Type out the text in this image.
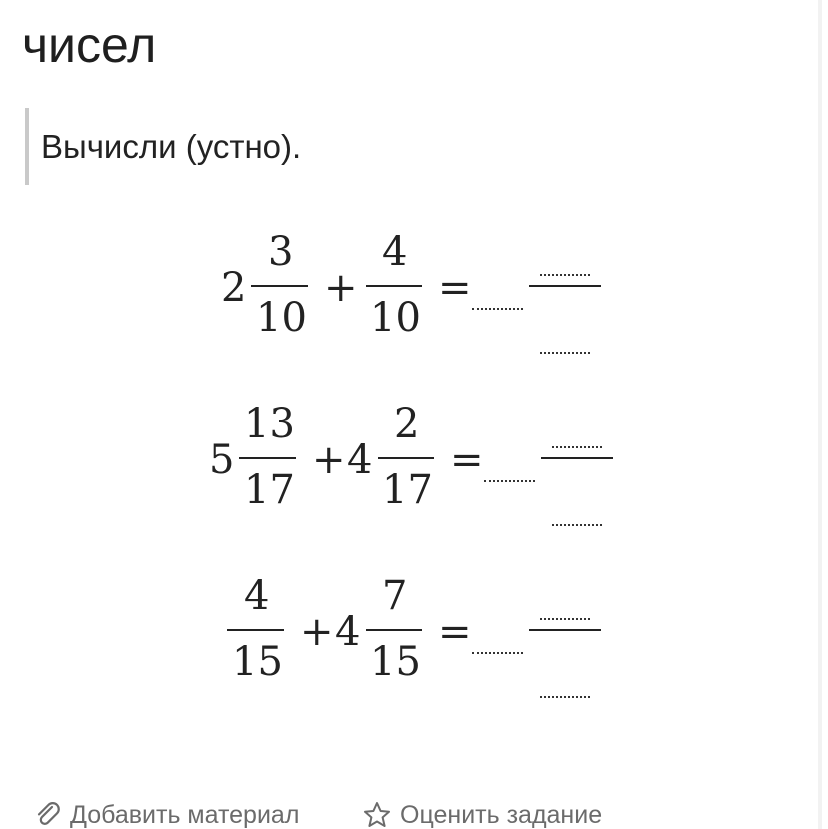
чисел
Вычисли (устно).
2
3
10
+
4
10
=
5
13
17
+ 4
2
17
=
4
15
+ 4
7
15
=
Добавить материал	Оценить задание
